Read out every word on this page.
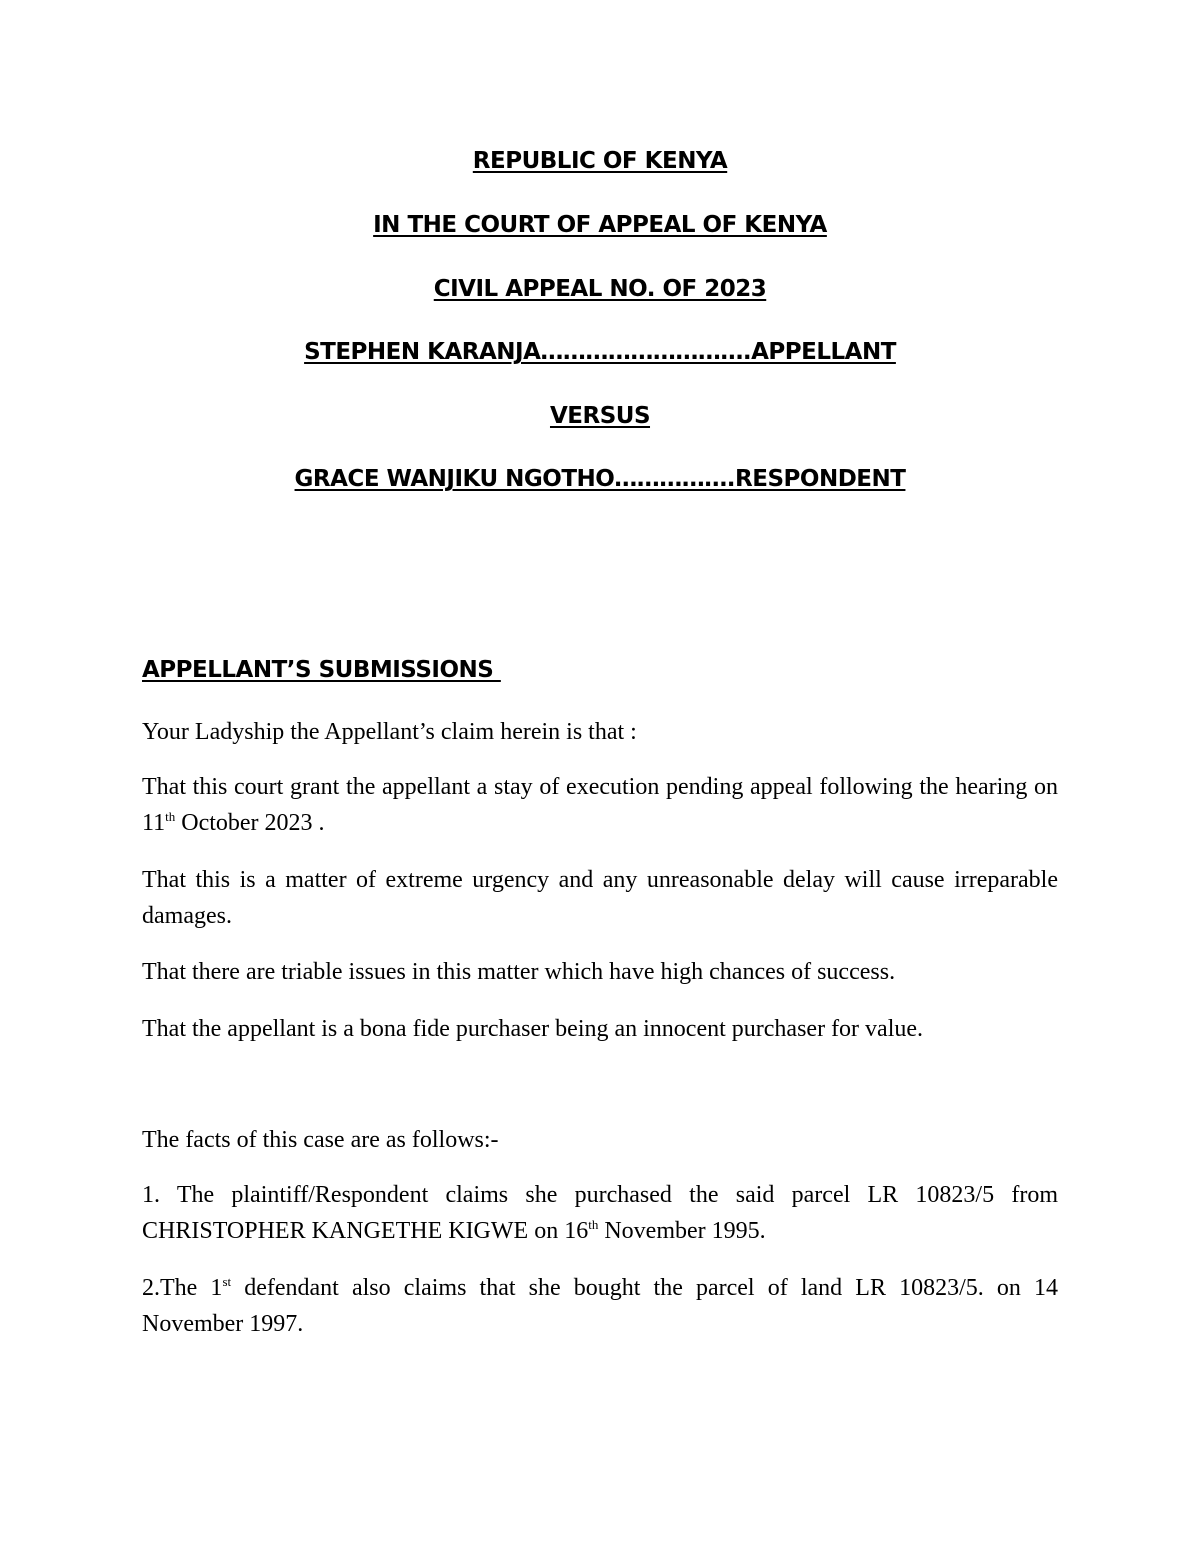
REPUBLIC OF KENYA
IN THE COURT OF APPEAL OF KENYA
CIVIL APPEAL NO. OF 2023
STEPHEN KARANJA……………………….APPELLANT
VERSUS
GRACE WANJIKU NGOTHO…………….RESPONDENT
APPELLANT’S SUBMISSIONS

Your Ladyship the Appellant’s claim herein is that :

That this court grant the appellant a stay of execution pending appeal following the hearing on 11th October 2023 .

That this is a matter of extreme urgency and any unreasonable delay will cause irreparable damages.

That there are triable issues in this matter which have high chances of success.

That the appellant is a bona fide purchaser being an innocent purchaser for value.

The facts of this case are as follows:-

1. The plaintiff/Respondent claims she purchased the said parcel LR 10823/5 from CHRISTOPHER KANGETHE KIGWE on 16th November 1995.

2.The 1st defendant also claims that she bought the parcel of land LR 10823/5. on 14 November 1997.
